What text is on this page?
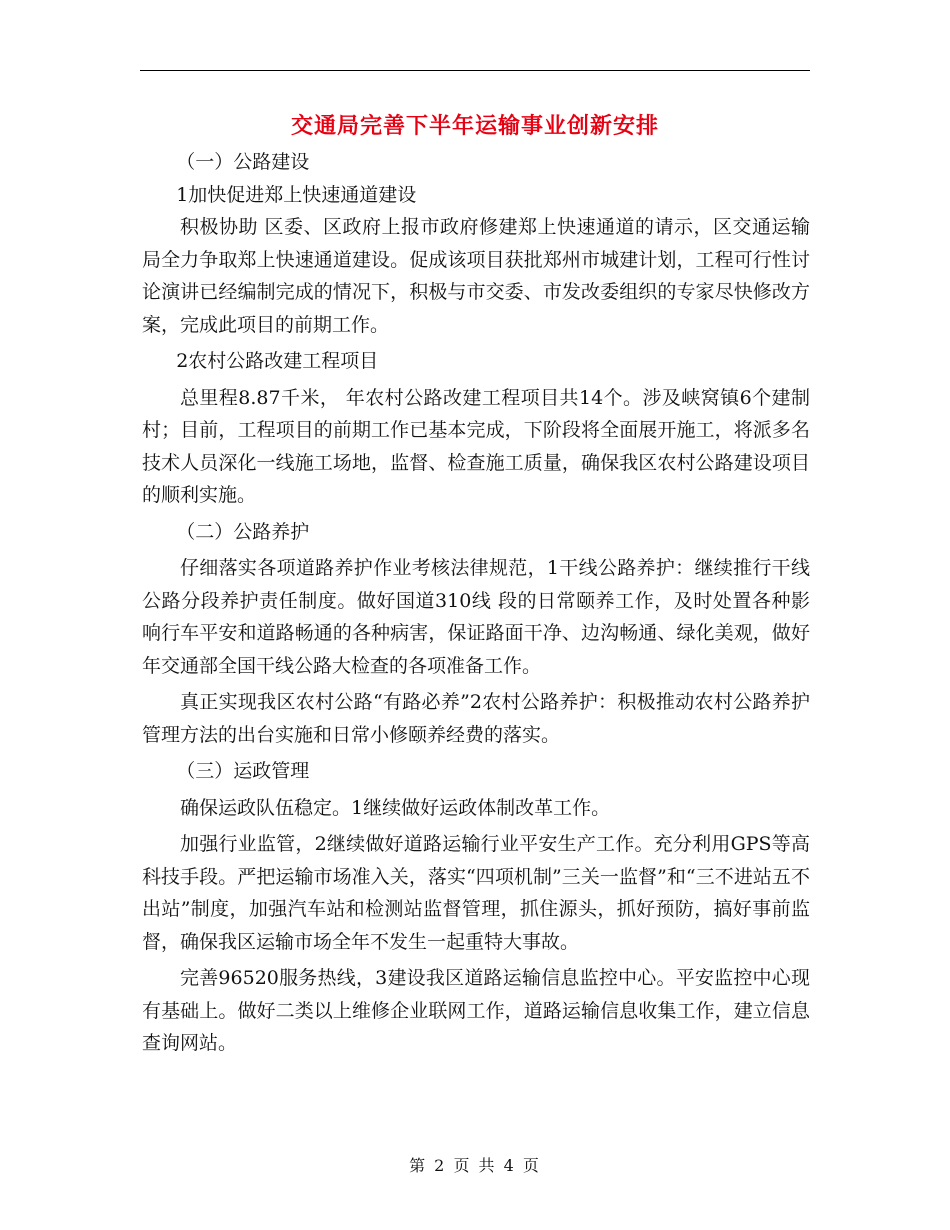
交通局完善下半年运输事业创新安排

（一）公路建设

1加快促进郑上快速通道建设

积极协助 区委、区政府上报市政府修建郑上快速通道的请示，区交通运输局全力争取郑上快速通道建设。促成该项目获批郑州市城建计划，工程可行性讨论演讲已经编制完成的情况下，积极与市交委、市发改委组织的专家尽快修改方案，完成此项目的前期工作。

2农村公路改建工程项目

总里程8.87千米， 年农村公路改建工程项目共14个。涉及峡窝镇6个建制村；目前，工程项目的前期工作已基本完成，下阶段将全面展开施工，将派多名技术人员深化一线施工场地，监督、检查施工质量，确保我区农村公路建设项目的顺利实施。

（二）公路养护

仔细落实各项道路养护作业考核法律规范，1干线公路养护：继续推行干线公路分段养护责任制度。做好国道310线 段的日常颐养工作，及时处置各种影响行车平安和道路畅通的各种病害，保证路面干净、边沟畅通、绿化美观，做好 年交通部全国干线公路大检查的各项准备工作。

真正实现我区农村公路“有路必养”2农村公路养护：积极推动农村公路养护管理方法的出台实施和日常小修颐养经费的落实。

（三）运政管理

确保运政队伍稳定。1继续做好运政体制改革工作。

加强行业监管，2继续做好道路运输行业平安生产工作。充分利用GPS等高科技手段。严把运输市场准入关，落实“四项机制”三关一监督”和“三不进站五不出站”制度，加强汽车站和检测站监督管理，抓住源头，抓好预防，搞好事前监督，确保我区运输市场全年不发生一起重特大事故。

完善96520服务热线，3建设我区道路运输信息监控中心。平安监控中心现有基础上。做好二类以上维修企业联网工作，道路运输信息收集工作，建立信息查询网站。

第 2 页 共 4 页
